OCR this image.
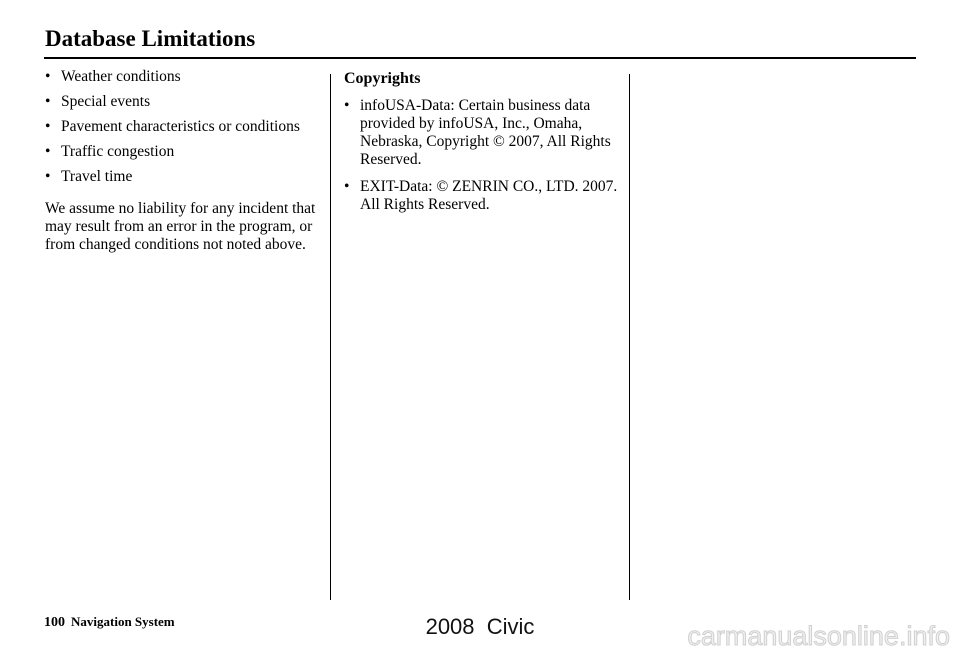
Database Limitations
• Weather conditions
• Special events
• Pavement characteristics or conditions
• Traffic congestion
• Travel time

We assume no liability for any incident that may result from an error in the program, or from changed conditions not noted above.

Copyrights
• infoUSA-Data: Certain business data provided by infoUSA, Inc., Omaha, Nebraska, Copyright © 2007, All Rights Reserved.
• EXIT-Data: © ZENRIN CO., LTD. 2007. All Rights Reserved.
100 Navigation System	2008  Civic	carmanualsonline.info
